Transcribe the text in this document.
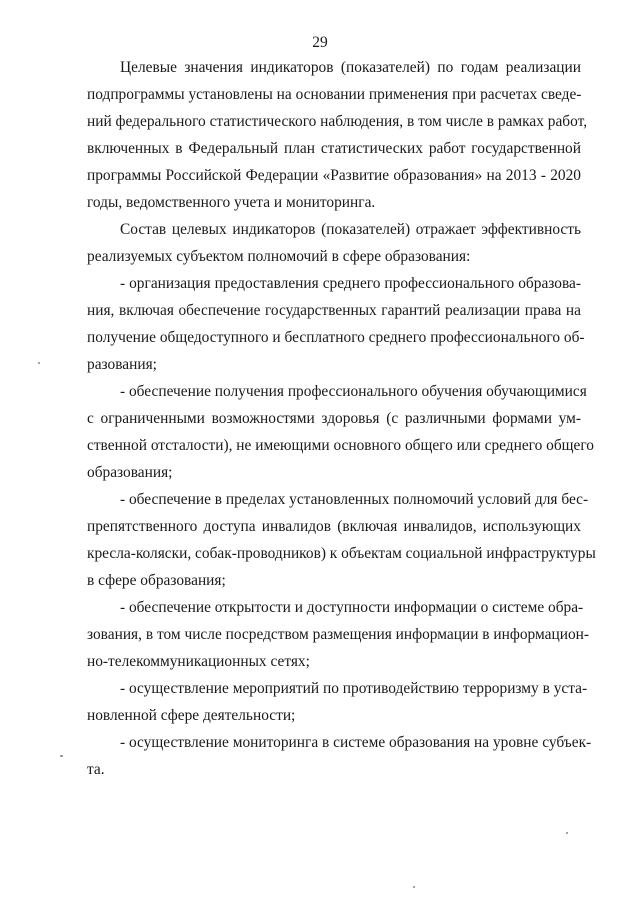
29
Целевые значения индикаторов (показателей) по годам реализации
подпрограммы установлены на основании применения при расчетах сведе-
ний федерального статистического наблюдения, в том числе в рамках работ,
включенных в Федеральный план статистических работ государственной
программы Российской Федерации «Развитие образования» на 2013 - 2020
годы, ведомственного учета и мониторинга.
Состав целевых индикаторов (показателей) отражает эффективность
реализуемых субъектом полномочий в сфере образования:
- организация предоставления среднего профессионального образова-
ния, включая обеспечение государственных гарантий реализации права на
получение общедоступного и бесплатного среднего профессионального об-
разования;
- обеспечение получения профессионального обучения обучающимися
с ограниченными возможностями здоровья (с различными формами ум-
ственной отсталости), не имеющими основного общего или среднего общего
образования;
- обеспечение в пределах установленных полномочий условий для бес-
препятственного доступа инвалидов (включая инвалидов, использующих
кресла-коляски, собак-проводников) к объектам социальной инфраструктуры
в сфере образования;
- обеспечение открытости и доступности информации о системе обра-
зования, в том числе посредством размещения информации в информацион-
но-телекоммуникационных сетях;
- осуществление мероприятий по противодействию терроризму в уста-
новленной сфере деятельности;
- осуществление мониторинга в системе образования на уровне субъек-
та.
